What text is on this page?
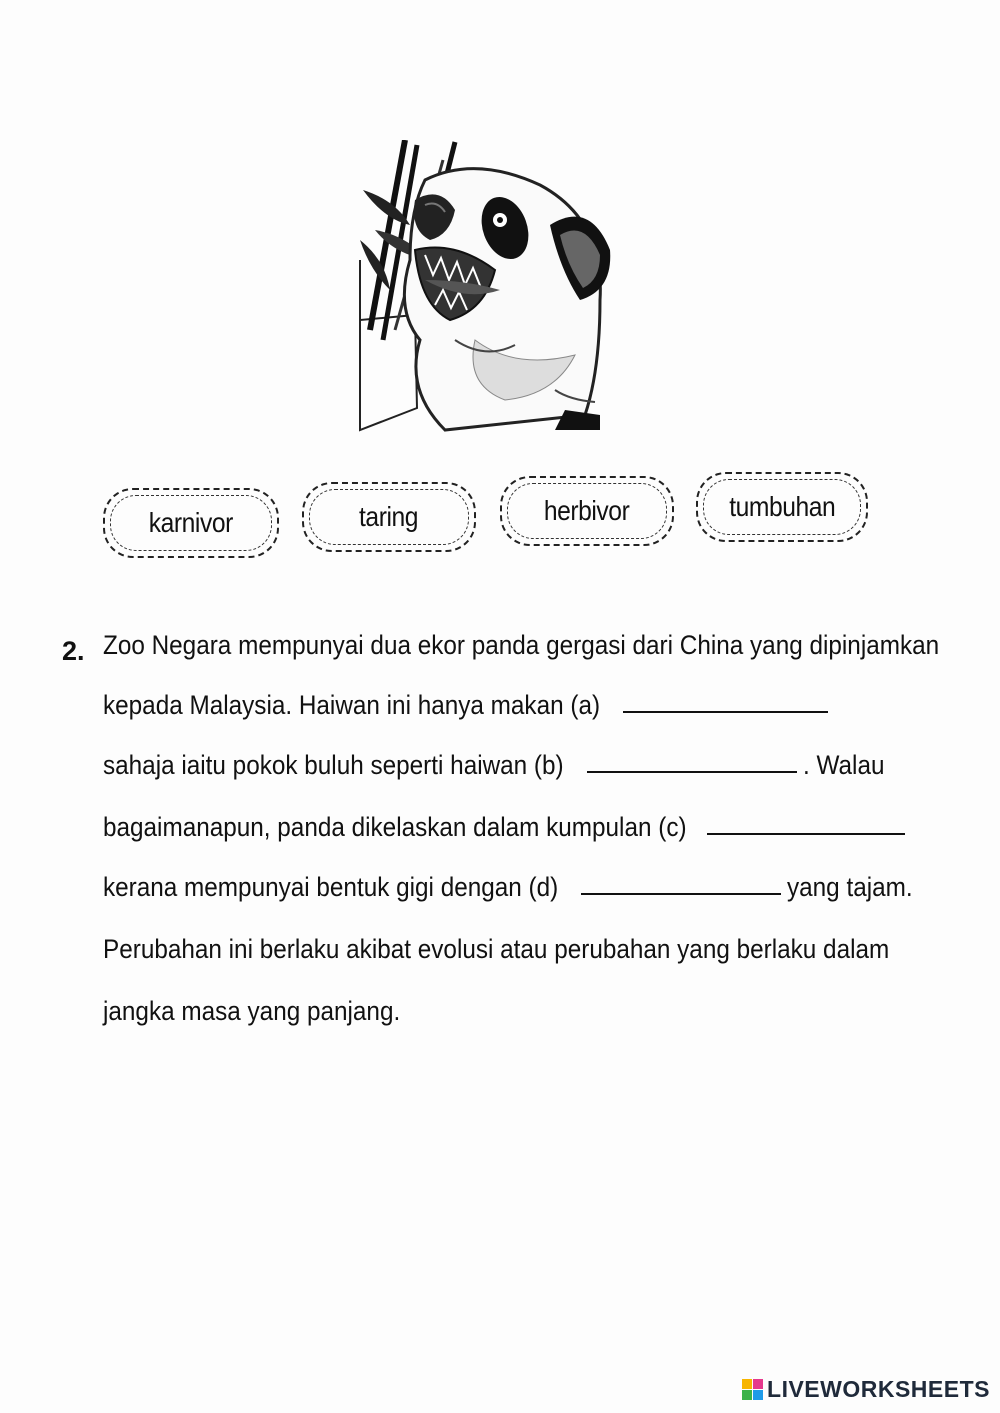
karnivor	taring	herbivor	tumbuhan
2. Zoo Negara mempunyai dua ekor panda gergasi dari China yang dipinjamkan
kepada Malaysia. Haiwan ini hanya makan (a)
sahaja iaitu pokok buluh seperti haiwan (b)	. Walau
bagaimanapun, panda dikelaskan dalam kumpulan (c)
kerana mempunyai bentuk gigi dengan (d)	yang tajam.
Perubahan ini berlaku akibat evolusi atau perubahan yang berlaku dalam
jangka masa yang panjang.
LIVEWORKSHEETS
